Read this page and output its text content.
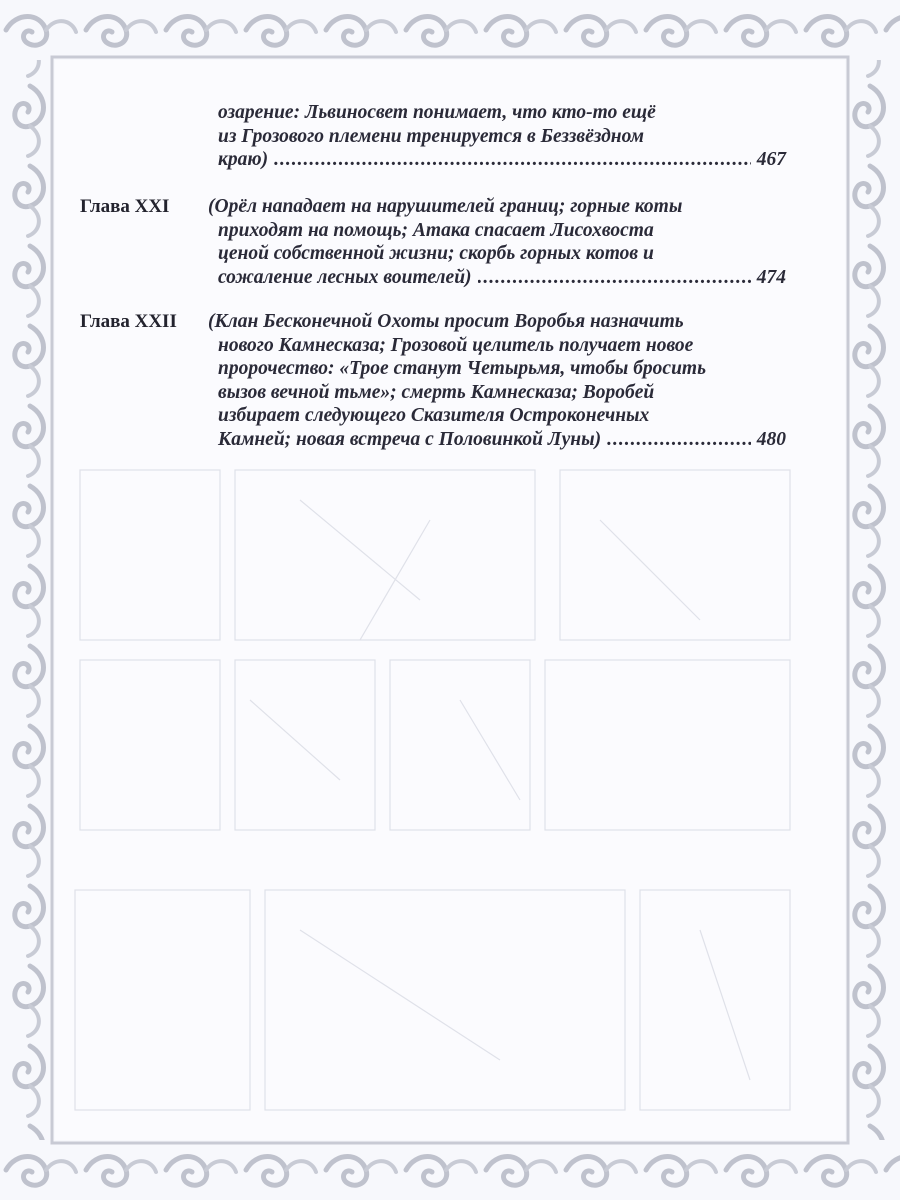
озарение: Львиносвет понимает, что кто-то ещё
из Грозового племени тренируется в Беззвёздном
краю) .....	467
Глава XXI (Орёл нападает на нарушителей границ; горные коты
приходят на помощь; Атака спасает Лисохвоста
ценой собственной жизни; скорбь горных котов и
сожаление лесных воителей) .....	474
Глава XXII (Клан Бесконечной Охоты просит Воробья назначить
нового Камнесказа; Грозовой целитель получает новое
пророчество: «Трое станут Четырьмя, чтобы бросить
вызов вечной тьме»; смерть Камнесказа; Воробей
избирает следующего Сказителя Остроконечных
Камней; новая встреча с Половинкой Луны) .....	480
